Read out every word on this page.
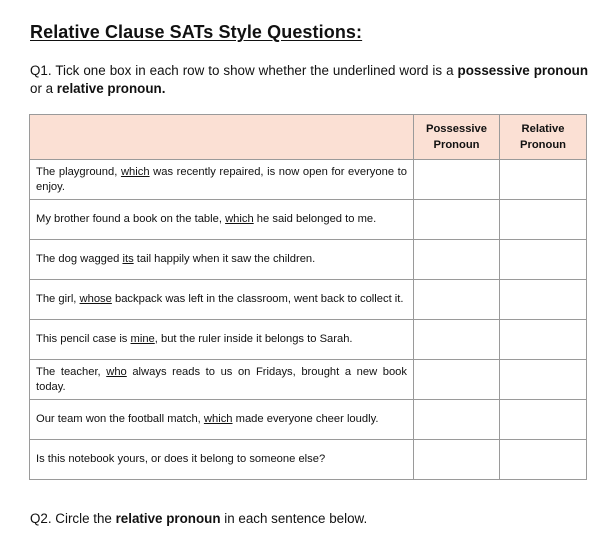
Relative Clause SATs Style Questions:
Q1. Tick one box in each row to show whether the underlined word is a possessive pronoun or a relative pronoun.
	Possessive Pronoun	Relative Pronoun
The playground, which was recently repaired, is now open for everyone to enjoy.		
My brother found a book on the table, which he said belonged to me.		
The dog wagged its tail happily when it saw the children.		
The girl, whose backpack was left in the classroom, went back to collect it.		
This pencil case is mine, but the ruler inside it belongs to Sarah.		
The teacher, who always reads to us on Fridays, brought a new book today.		
Our team won the football match, which made everyone cheer loudly.		
Is this notebook yours, or does it belong to someone else?		
Q2. Circle the relative pronoun in each sentence below.
